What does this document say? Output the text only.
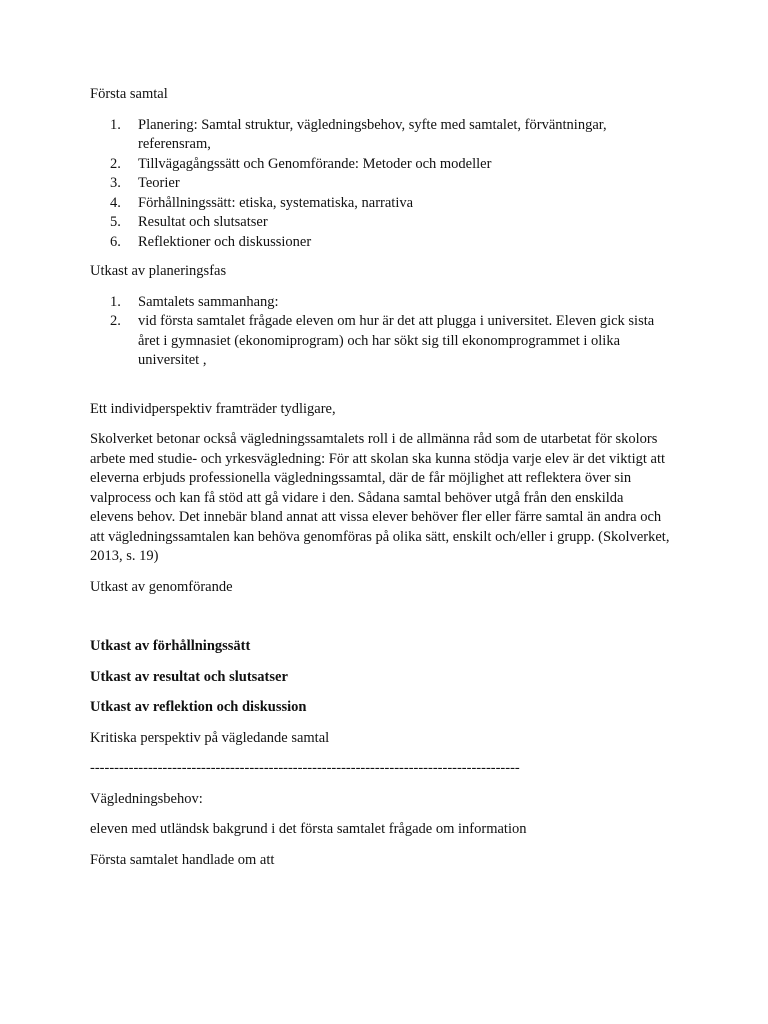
Första samtal

1. Planering: Samtal struktur, vägledningsbehov, syfte med samtalet, förväntningar, referensram,
2. Tillvägagångssätt och Genomförande: Metoder och modeller
3. Teorier
4. Förhållningssätt: etiska, systematiska, narrativa
5. Resultat och slutsatser
6. Reflektioner och diskussioner

Utkast av planeringsfas

1. Samtalets sammanhang:
2. vid första samtalet frågade eleven om hur är det att plugga i universitet. Eleven gick sista året i gymnasiet (ekonomiprogram) och har sökt sig till ekonomprogrammet i olika universitet ,

Ett individperspektiv framträder tydligare,

Skolverket betonar också vägledningssamtalets roll i de allmänna råd som de utarbetat för skolors arbete med studie- och yrkesvägledning: För att skolan ska kunna stödja varje elev är det viktigt att eleverna erbjuds professionella vägledningssamtal, där de får möjlighet att reflektera över sin valprocess och kan få stöd att gå vidare i den. Sådana samtal behöver utgå från den enskilda elevens behov. Det innebär bland annat att vissa elever behöver fler eller färre samtal än andra och att vägledningssamtalen kan behöva genomföras på olika sätt, enskilt och/eller i grupp. (Skolverket, 2013, s. 19)

Utkast av genomförande

Utkast av förhållningssätt

Utkast av resultat och slutsatser

Utkast av reflektion och diskussion

Kritiska perspektiv på vägledande samtal

-----------------------------------------------------------------------------------------

Vägledningsbehov:

eleven med utländsk bakgrund i det första samtalet frågade om information

Första samtalet handlade om att
